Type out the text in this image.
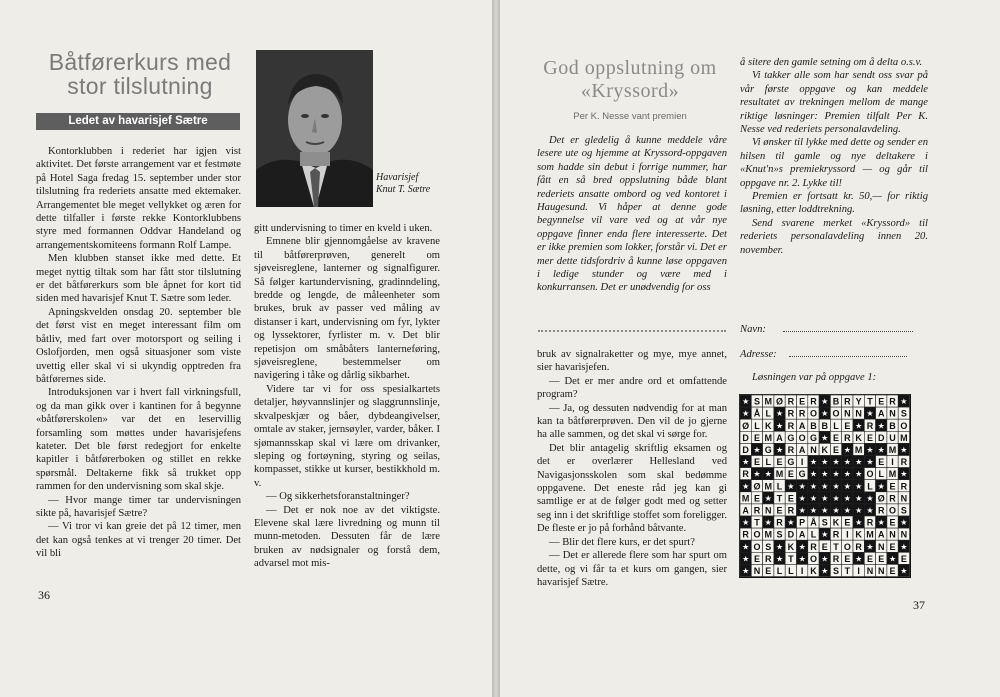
Båtførerkurs med stor tilslutning
Ledet av havarisjef Sætre
Havarisjef Knut T. Sætre

Kontorklubben i rederiet har igjen vist aktivitet. Det første arrangement var et festmøte på Hotel Saga fredag 15. september under stor tilslutning fra rederiets ansatte med ektemaker. Arrangementet ble meget vellykket og æren for dette tilfaller i første rekke Kontorklubbens styre med formannen Oddvar Handeland og arrangementskomiteens formann Rolf Lampe.

Men klubben stanset ikke med dette. Et meget nyttig tiltak som har fått stor tilslutning er det båtførerkurs som ble åpnet for kort tid siden med havarisjef Knut T. Sætre som leder.

Apningskvelden onsdag 20. september ble det først vist en meget interessant film om båtliv, med fart over motorsport og seiling i Oslofjorden, men også situasjoner som viste uvettig eller skal vi si ukyndig opptreden fra båtførernes side.

Introduksjonen var i hvert fall virkningsfull, og da man gikk over i kantinen for å begynne «båtførerskolen» var det en leservillig forsamling som møttes under havarisjefens kateter. Det ble først redegjort for enkelte kapitler i båtførerboken og stillet en rekke spørsmål. Deltakerne fikk så trukket opp rammen for den undervisning som skal skje.

— Hvor mange timer tar undervisningen sikte på, havarisjef Sætre?

— Vi tror vi kan greie det på 12 timer, men det kan også tenkes at vi trenger 20 timer. Det vil bli

gitt undervisning to timer en kveld i uken.

Emnene blir gjennomgåelse av kravene til båtførerprøven, generelt om sjøveisreglene, lanterner og signalfigurer. Så følger kartundervisning, gradinndeling, bredde og lengde, de måleenheter som brukes, bruk av passer ved måling av distanser i kart, undervisning om fyr, lykter og lyssektorer, fyrlister m. v. Det blir repetisjon om småbåters lanterneføring, sjøveisreglene, bestemmelser om navigering i tåke og dårlig sikbarhet.

Videre tar vi for oss spesialkartets detaljer, høyvannslinjer og slaggrunnslinje, skvalpeskjær og båer, dybdeangivelser, omtale av staker, jernsøyler, varder, båker. I sjømannsskap skal vi lære om drivanker, sleping og fortøyning, styring og seilas, kompasset, stikke ut kurser, bestikkhold m. v.

— Og sikkerhetsforanstaltninger?

— Det er nok noe av det viktigste. Elevene skal lære livredning og munn til munn-metoden. Dessuten får de lære bruken av nødsignaler og forstå dem, advarsel mot mis-

36
God oppslutning om «Kryssord»
Per K. Nesse vant premien

Det er gledelig å kunne meddele våre lesere ute og hjemme at Kryssord-oppgaven som hadde sin debut i forrige nummer, har fått en så bred oppslutning både blant rederiets ansatte ombord og ved kontoret i Haugesund. Vi håper at denne gode begynnelse vil vare ved og at vår nye oppgave finner enda flere interesserte. Det er ikke premien som lokker, forstår vi. Det er mer dette tidsfordriv å kunne løse oppgaven i ledige stunder og være med i konkurransen. Det er unødvendig for oss

bruk av signalraketter og mye, mye annet, sier havarisjefen.

— Det er mer andre ord et omfattende program?

— Ja, og dessuten nødvendig for at man kan ta båtførerprøven. Den vil de jo gjerne ha alle sammen, og det skal vi sørge for.

Det blir antagelig skriftlig eksamen og det er overlærer Hellesland ved Navigasjonsskolen som skal bedømme oppgavene. Det eneste råd jeg kan gi samtlige er at de følger godt med og setter seg inn i det skriftlige stoffet som foreligger. De fleste er jo på forhånd båtvante.

— Blir det flere kurs, er det spurt?

— Det er allerede flere som har spurt om dette, og vi får ta et kurs om gangen, sier havarisjef Sætre.

å sitere den gamle setning om å delta o.s.v.

Vi takker alle som har sendt oss svar på vår første oppgave og kan meddele resultatet av trekningen mellom de mange riktige løsninger: Premien tilfalt Per K. Nesse ved rederiets personalavdeling.

Vi ønsker til lykke med dette og sender en hilsen til gamle og nye deltakere i «Knut'n»s premiekryssord — og går til oppgave nr. 2. Lykke til!

Premien er fortsatt kr. 50,— for riktig løsning, etter loddtrekning.

Send svarene merket «Kryssord» til rederiets personalavdeling innen 20. november.

Navn:
Adresse:
Løsningen var på oppgave 1:
★ S M Ø R E R ★ B R Y T E R ★
★ Å L ★ R R O ★ O N N ★ A N S
Ø L K ★ R A B B L E ★ R ★ B O
D E M A G O G ★ E R K E D U M
D ★ G ★ R A N K E ★ M ★ ★ M ★
★ E L E G I ★ ★ ★ ★ ★ ★ E I R
R ★ ★ M E G ★ ★ ★ ★ ★ O L M ★
★ Ø M L ★ ★ ★ ★ ★ ★ ★ L ★ E R
M E ★ T E ★ ★ ★ ★ ★ ★ ★ Ø R N
A R N E R ★ ★ ★ ★ ★ ★ ★ R O S
★ T ★ R ★ P Å S K E ★ R ★ E ★
R O M S D A L ★ R I K M A N N
★ O S ★ K ★ R E T O R ★ N E ★
★ E R ★ T ★ O ★ R E ★ E E ★ E
★ N E L L I K ★ S T I N N E ★
37
